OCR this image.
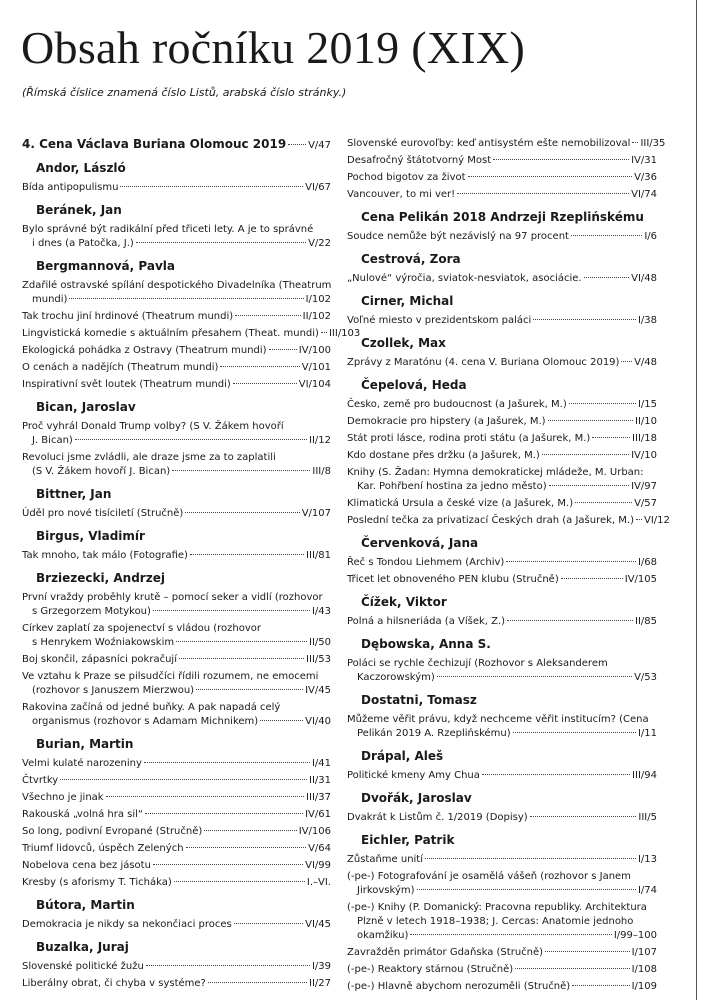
Obsah ročníku 2019 (XIX)
(Římská číslice znamená číslo Listů, arabská číslo stránky.)
4. Cena Václava Buriana Olomouc 2019 V/47
Andor, László
Bída antipopulismu	VI/67
Beránek, Jan
Bylo správné být radikální před třiceti lety. A je to správné
i dnes (a Patočka, J.)	V/22
Bergmannová, Pavla
Zdařilé ostravské spílání despotického Divadelníka (Theatrum
mundi)	I/102
Tak trochu jiní hrdinové (Theatrum mundi)	II/102
Lingvistická komedie s aktuálním přesahem (Theat. mundi) III/103
Ekologická pohádka z Ostravy (Theatrum mundi)	IV/100
O cenách a nadějích (Theatrum mundi)	V/101
Inspirativní svět loutek (Theatrum mundi)	VI/104
Bican, Jaroslav
Proč vyhrál Donald Trump volby? (S V. Žákem hovoří
J. Bican)	II/12
Revoluci jsme zvládli, ale draze jsme za to zaplatili
(S V. Žákem hovoří J. Bican)	III/8
Bittner, Jan
Úděl pro nové tisíciletí (Stručně)	V/107
Birgus, Vladimír
Tak mnoho, tak málo (Fotografie)	III/81
Brziezecki, Andrzej
První vraždy proběhly krutě – pomocí seker a vidlí (rozhovor
s Grzegorzem Motykou)	I/43
Církev zaplatí za spojenectví s vládou (rozhovor
s Henrykem Woźniakowskim	II/50
Boj skončil, zápasníci pokračují	III/53
Ve vztahu k Praze se pilsudčíci řídili rozumem, ne emocemi
(rozhovor s Januszem Mierzwou)	IV/45
Rakovina začíná od jedné buňky. A pak napadá celý
organismus (rozhovor s Adamam Michnikem)	VI/40
Burian, Martin
Velmi kulaté narozeniny	I/41
Čtvrtky	II/31
Všechno je jinak	III/37
Rakouská „volná hra sil“	IV/61
So long, podivní Evropané (Stručně)	IV/106
Triumf lidovců, úspěch Zelených	V/64
Nobelova cena bez jásotu	VI/99
Kresby (s aforismy T. Ticháka)	I.–VI.
Bútora, Martin
Demokracia je nikdy sa nekončiaci proces	VI/45
Buzalka, Juraj
Slovenské politické žužu	I/39
Liberálny obrat, či chyba v systéme?	II/27
Slovenské eurovoľby: keď antisystém ešte nemobilizoval III/35
Desafročný štátotvorný Most	IV/31
Pochod bigotov za život	V/36
Vancouver, to mi ver!	VI/74
Cena Pelikán 2018 Andrzeji Rzeplińskému
Soudce nemůže být nezávislý na 97 procent	I/6
Cestrová, Zora
„Nulové“ výročia, sviatok-nesviatok, asociácie.	VI/48
Cirner, Michal
Voľné miesto v prezidentskom paláci	I/38
Czollek, Max
Zprávy z Maratónu (4. cena V. Buriana Olomouc 2019) V/48
Čepelová, Heda
Česko, země pro budoucnost (a Jašurek, M.)	I/15
Demokracie pro hipstery (a Jašurek, M.)	II/10
Stát proti lásce, rodina proti státu (a Jašurek, M.)	III/18
Kdo dostane přes držku (a Jašurek, M.)	IV/10
Knihy (S. Žadan: Hymna demokratickej mládeže, M. Urban:
Kar. Pohřbení hostina za jedno město)	IV/97
Klimatická Ursula a české vize (a Jašurek, M.)	V/57
Poslední tečka za privatizací Českých drah (a Jašurek, M.) VI/12
Červenková, Jana
Řeč s Tondou Liehmem (Archiv)	I/68
Třicet let obnoveného PEN klubu (Stručně)	IV/105
Čížek, Viktor
Polná a hilsneriáda (a Víšek, Z.)	II/85
Dębowska, Anna S.
Poláci se rychle čechizují (Rozhovor s Aleksanderem
Kaczorowským)	V/53
Dostatni, Tomasz
Můžeme věřit právu, když nechceme věřit institucím? (Cena
Pelikán 2019 A. Rzeplińskému)	I/11
Drápal, Aleš
Politické kmeny Amy Chua	III/94
Dvořák, Jaroslav
Dvakrát k Listům č. 1/2019 (Dopisy)	III/5
Eichler, Patrik
Zůstaňme unití	I/13
(-pe-) Fotografování je osamělá vášeň (rozhovor s Janem
Jirkovským)	I/74
(-pe-) Knihy (P. Domanický: Pracovna republiky. Architektura
Plzně v letech 1918–1938; J. Cercas: Anatomie jednoho
okamžiku)	I/99–100
Zavražděn primátor Gdaňska (Stručně)	I/107
(-pe-) Reaktory stárnou (Stručně)	I/108
(-pe-) Hlavně abychom nerozuměli (Stručně)	I/109
